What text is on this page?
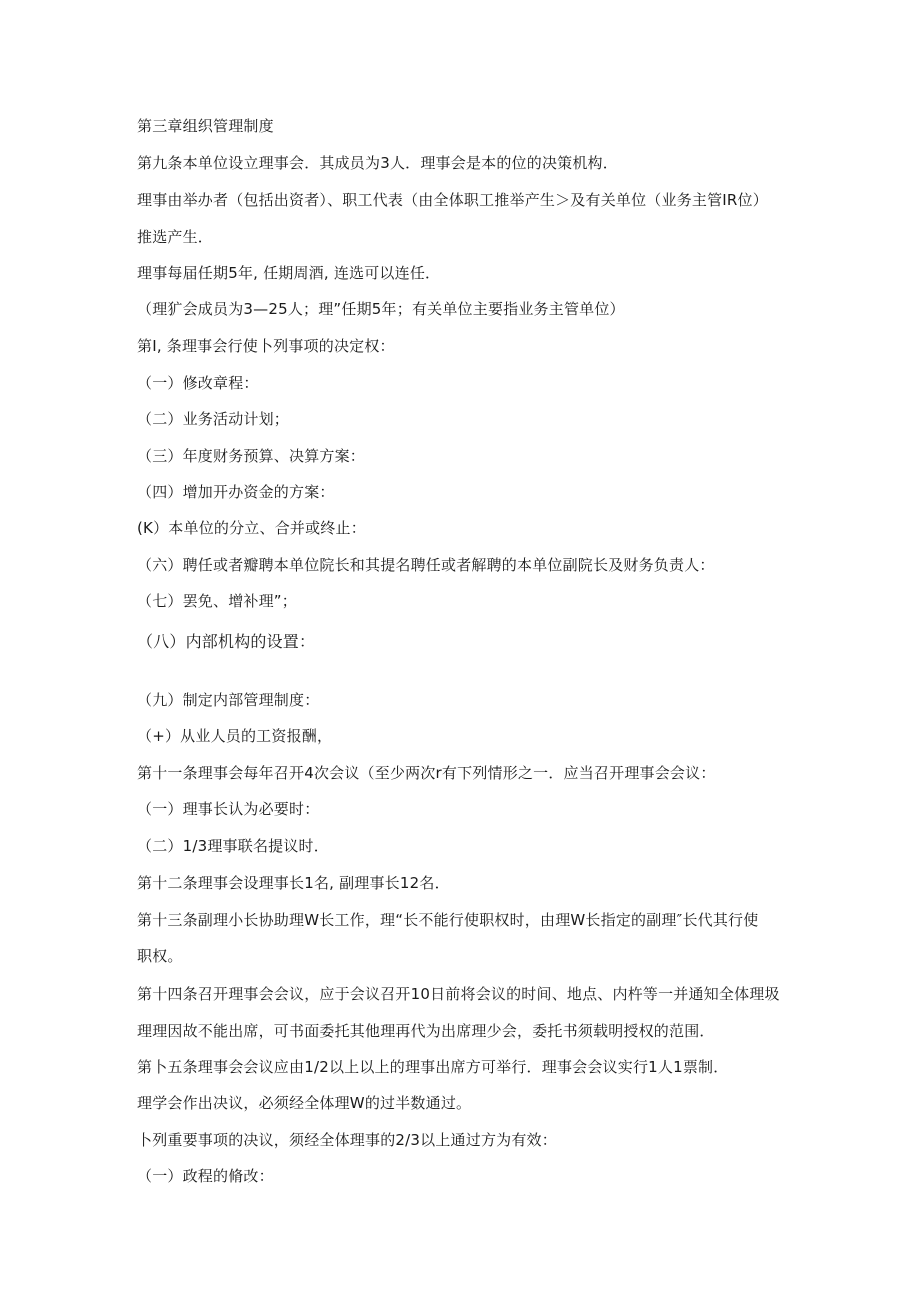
第三章组织管理制度
第九条本单位设立理事会．其成员为3人．理事会是本的位的决策机构．
理事由举办者（包括出资者）、职工代表（由全体职工推举产生＞及有关单位（业务主管IR位）
推选产生．
理事每届任期5年, 任期周酒, 连选可以连任．
（理犷会成员为3—25人；理”任期5年；有关单位主要指业务主管单位）
第I, 条理事会行使卜列事项的决定权：
（一）修改章程：
（二）业务活动计划；
（三）年度财务预算、决算方案：
（四）增加开办资金的方案：
(K）本单位的分立、合并或终止：
（六）聘任或者瓣聘本单位院长和其提名聘任或者解聘的本单位副院长及财务负责人：
（七）罢免、增补理”；
（八）内部机构的设置：
（九）制定内部管理制度：
（+）从业人员的工资报酬，
第十一条理事会每年召开4次会议（至少两次r有下列情形之一．应当召开理事会会议：
（一）理事长认为必要时：
（二）1/3理事联名提议时．
第十二条理事会设理事长1名, 副理事长12名．
第十三条副理小长协助理W长工作，理“长不能行使职权时，由理W长指定的副理″长代其行使
职权。
第十四条召开理事会会议，应于会议召开10日前将会议的时间、地点、内杵等一并通知全体理圾
理理因故不能出席，可书面委托其他理再代为出席理少会，委托书须载明授权的范围．
第卜五条理事会会议应由1/2以上以上的理事出席方可举行．理事会会议实行1人1票制．
理学会作出决议，必须经全体理W的过半数通过。
卜列重要事项的决议，须经全体理事的2/3以上通过方为有效：
（一）政程的脩改：
